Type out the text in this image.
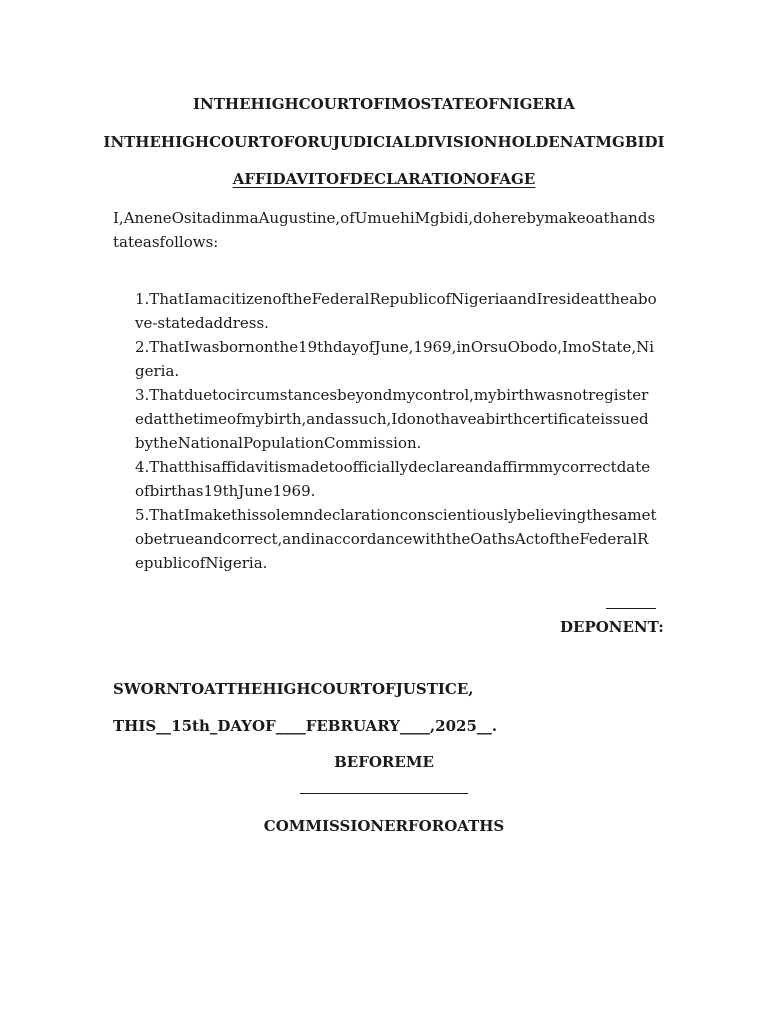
INTHEHIGHCOURTOFIMOSTATEOFNIGERIA
INTHEHIGHCOURTOFORUJUDICIALDIVISIONHOLDENATMGBIDI
AFFIDAVITOFDECLARATIONOFAGE
I,AneneOsitadinmaAugustine,ofUmuehiMgbidi,doherebymakeoathandstateasfollows:
1.ThatIamacitizenoftheFederalRepublicofNigeriaandIresideattheabove-statedaddress.
2.ThatIwasbornonthe19thdayofJune,1969,inOrsuObodo,ImoState,Nigeria.
3.Thatduetocircumstancesbeyondmycontrol,mybirthwasnotregisteredatthetimeofmybirth,andassuch,IdonothaveabirthcertificateissuedbytheNationalPopulationCommission.
4.Thatthisaffidavitismadetoofficiallydeclareandaffirmmycorrectdateofbirthas19thJune1969.
5.ThatImakethissolemndeclarationconscientiouslybelievingthesametobetrueandcorrect,andinaccordancewiththeOathsActoftheFederalRepublicofNigeria.
DEPONENT:
SWORNTOATTHEHIGHCOURTOFJUSTICE,
THIS__15th_DAYOF____FEBRUARY____,2025__.
BEFOREME
COMMISSIONERFOROATHS
